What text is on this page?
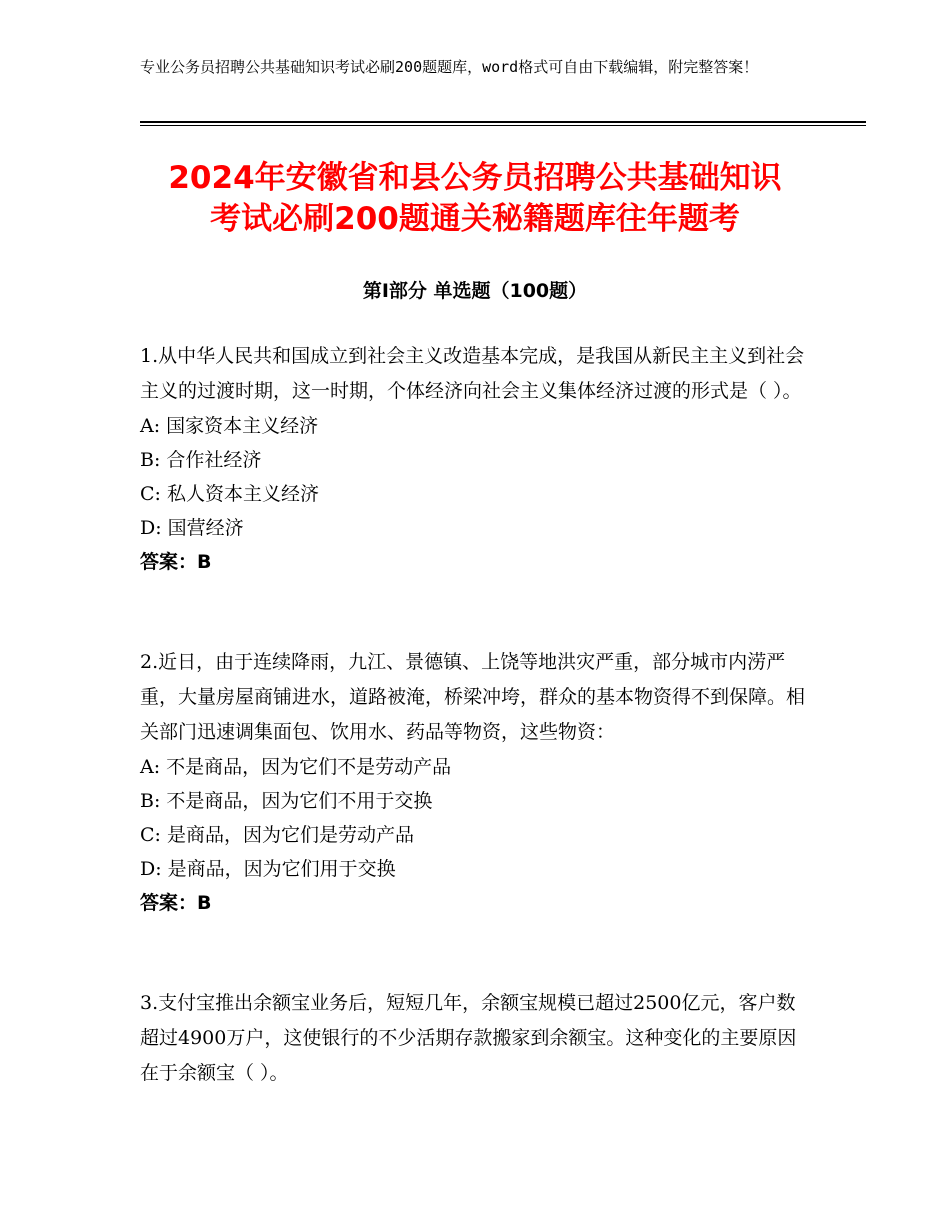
专业公务员招聘公共基础知识考试必刷200题题库，word格式可自由下载编辑，附完整答案！
2024年安徽省和县公务员招聘公共基础知识
考试必刷200题通关秘籍题库往年题考
第Ⅰ部分 单选题（100题）

1.从中华人民共和国成立到社会主义改造基本完成，是我国从新民主主义到社会主义的过渡时期，这一时期，个体经济向社会主义集体经济过渡的形式是（ ）。

A: 国家资本主义经济

B: 合作社经济

C: 私人资本主义经济

D: 国营经济

答案：B

2.近日，由于连续降雨，九江、景德镇、上饶等地洪灾严重，部分城市内涝严重，大量房屋商铺进水，道路被淹，桥梁冲垮，群众的基本物资得不到保障。相关部门迅速调集面包、饮用水、药品等物资，这些物资：

A: 不是商品，因为它们不是劳动产品

B: 不是商品，因为它们不用于交换

C: 是商品，因为它们是劳动产品

D: 是商品，因为它们用于交换

答案：B

3.支付宝推出余额宝业务后，短短几年，余额宝规模已超过2500亿元，客户数超过4900万户，这使银行的不少活期存款搬家到余额宝。这种变化的主要原因在于余额宝（ ）。
